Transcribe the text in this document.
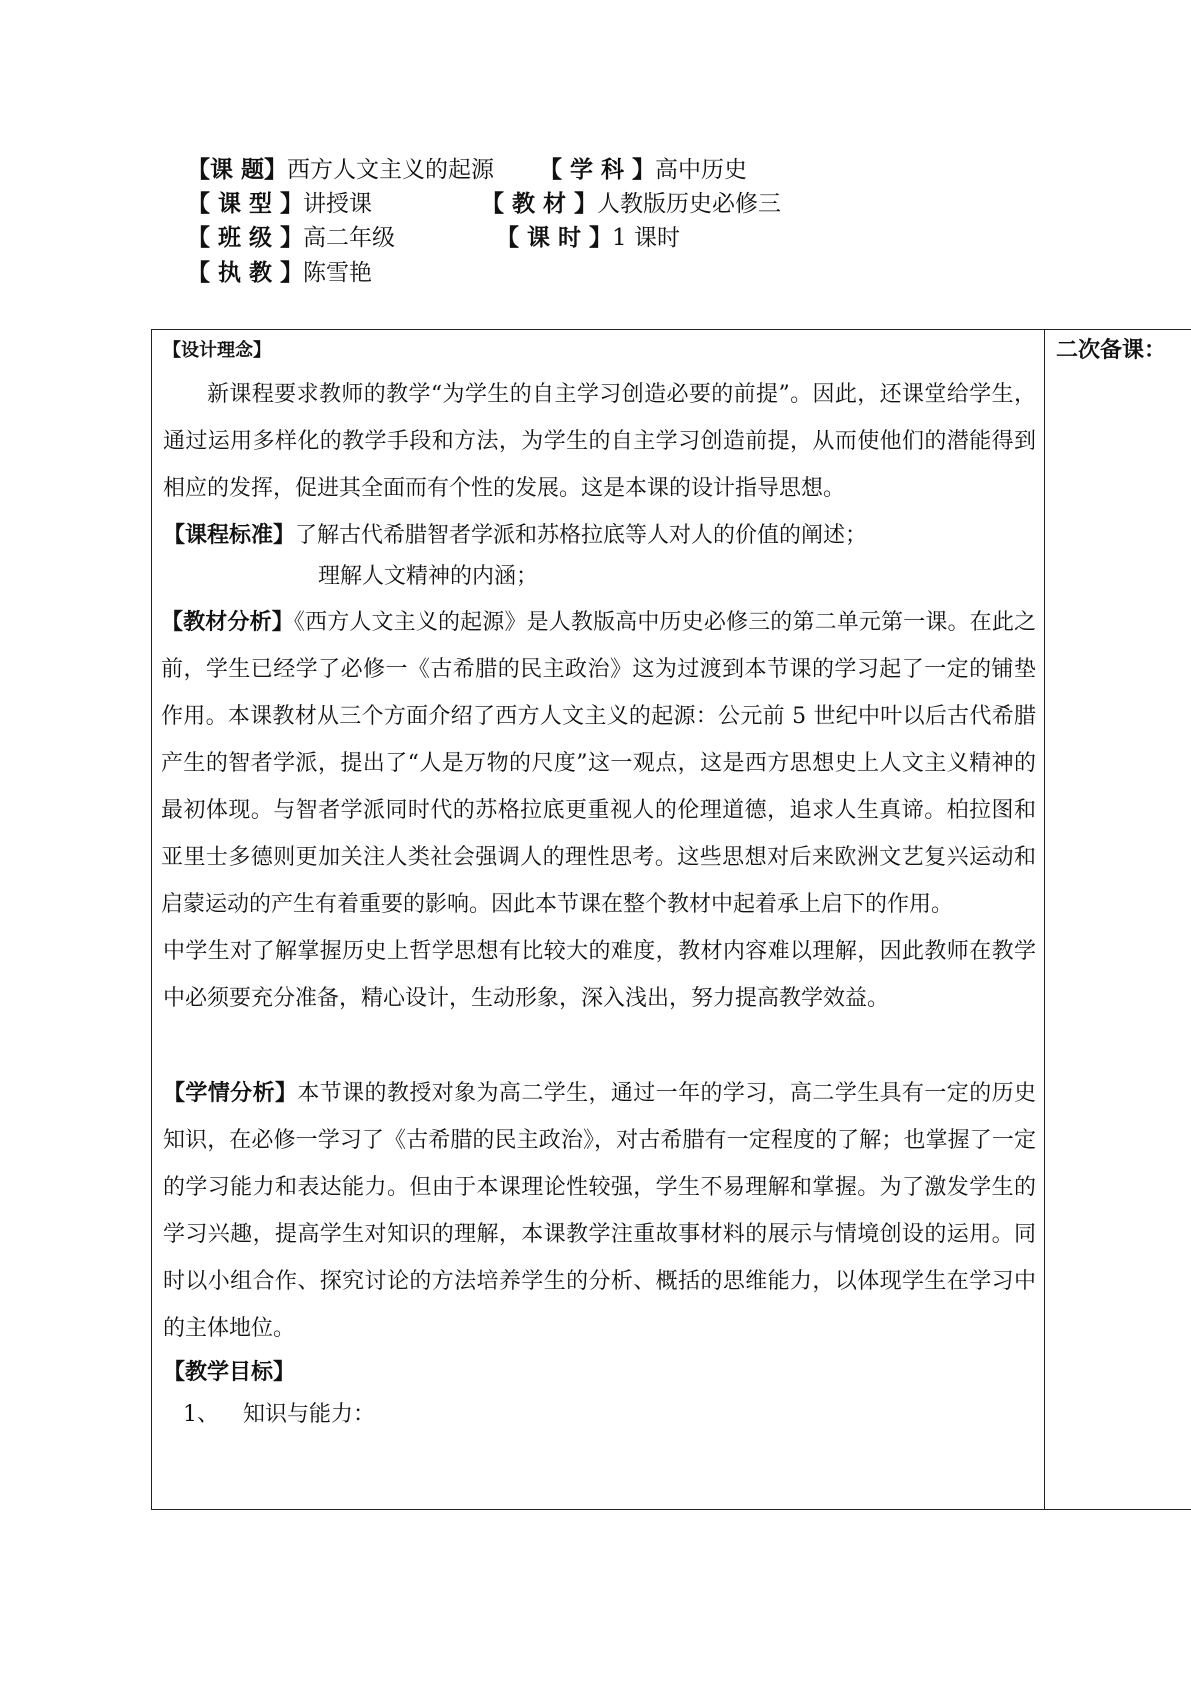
【课 题】西方人文主义的起源 【 学 科 】高中历史
【 课 型 】讲授课	【 教 材 】人教版历史必修三
【 班 级 】高二年级	【 课 时 】1 课时
【 执 教 】陈雪艳
二次备课：

【设计理念】

新课程要求教师的教学“为学生的自主学习创造必要的前提”。因此，还课堂给学生，通过运用多样化的教学手段和方法，为学生的自主学习创造前提，从而使他们的潜能得到相应的发挥，促进其全面而有个性的发展。这是本课的设计指导思想。

【课程标准】了解古代希腊智者学派和苏格拉底等人对人的价值的阐述；

理解人文精神的内涵；

【教材分析】《西方人文主义的起源》是人教版高中历史必修三的第二单元第一课。在此之前，学生已经学了必修一《古希腊的民主政治》这为过渡到本节课的学习起了一定的铺垫作用。本课教材从三个方面介绍了西方人文主义的起源：公元前 5 世纪中叶以后古代希腊产生的智者学派，提出了“人是万物的尺度”这一观点，这是西方思想史上人文主义精神的最初体现。与智者学派同时代的苏格拉底更重视人的伦理道德，追求人生真谛。柏拉图和亚里士多德则更加关注人类社会强调人的理性思考。这些思想对后来欧洲文艺复兴运动和启蒙运动的产生有着重要的影响。因此本节课在整个教材中起着承上启下的作用。

中学生对了解掌握历史上哲学思想有比较大的难度，教材内容难以理解，因此教师在教学中必须要充分准备，精心设计，生动形象，深入浅出，努力提高教学效益。

【学情分析】本节课的教授对象为高二学生，通过一年的学习，高二学生具有一定的历史知识，在必修一学习了《古希腊的民主政治》，对古希腊有一定程度的了解；也掌握了一定的学习能力和表达能力。但由于本课理论性较强，学生不易理解和掌握。为了激发学生的学习兴趣，提高学生对知识的理解，本课教学注重故事材料的展示与情境创设的运用。同时以小组合作、探究讨论的方法培养学生的分析、概括的思维能力，以体现学生在学习中的主体地位。

【教学目标】

1、 知识与能力：
